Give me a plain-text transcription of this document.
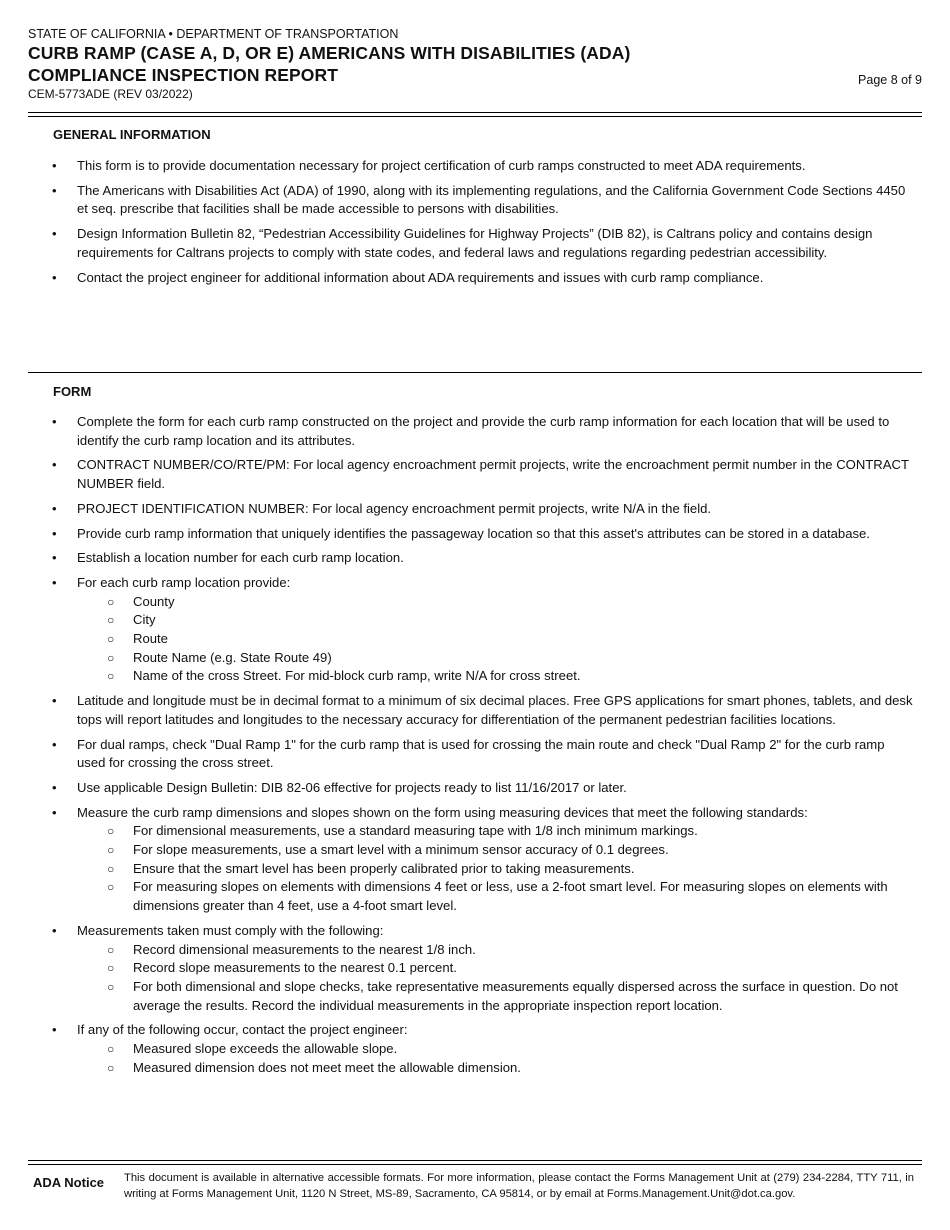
STATE OF CALIFORNIA • DEPARTMENT OF TRANSPORTATION
CURB RAMP (CASE A, D, OR E) AMERICANS WITH DISABILITIES (ADA)
COMPLIANCE INSPECTION REPORT
CEM-5773ADE (REV 03/2022)
Page 8 of 9
GENERAL INFORMATION
• This form is to provide documentation necessary for project certification of curb ramps constructed to meet ADA requirements.
• The Americans with Disabilities Act (ADA) of 1990, along with its implementing regulations, and the California Government Code Sections 4450 et seq. prescribe that facilities shall be made accessible to persons with disabilities.
• Design Information Bulletin 82, “Pedestrian Accessibility Guidelines for Highway Projects” (DIB 82), is Caltrans policy and contains design requirements for Caltrans projects to comply with state codes, and federal laws and regulations regarding pedestrian accessibility.
• Contact the project engineer for additional information about ADA requirements and issues with curb ramp compliance.
FORM
• Complete the form for each curb ramp constructed on the project and provide the curb ramp information for each location that will be used to identify the curb ramp location and its attributes.
• CONTRACT NUMBER/CO/RTE/PM: For local agency encroachment permit projects, write the encroachment permit number in the CONTRACT NUMBER field.
• PROJECT IDENTIFICATION NUMBER: For local agency encroachment permit projects, write N/A in the field.
• Provide curb ramp information that uniquely identifies the passageway location so that this asset's attributes can be stored in a database.
• Establish a location number for each curb ramp location.
• For each curb ramp location provide:
○ County
○ City
○ Route
○ Route Name (e.g. State Route 49)
○ Name of the cross Street. For mid-block curb ramp, write N/A for cross street.
• Latitude and longitude must be in decimal format to a minimum of six decimal places. Free GPS applications for smart phones, tablets, and desk tops will report latitudes and longitudes to the necessary accuracy for differentiation of the permanent pedestrian facilities locations.
• For dual ramps, check "Dual Ramp 1" for the curb ramp that is used for crossing the main route and check "Dual Ramp 2" for the curb ramp used for crossing the cross street.
• Use applicable Design Bulletin: DIB 82-06 effective for projects ready to list 11/16/2017 or later.
• Measure the curb ramp dimensions and slopes shown on the form using measuring devices that meet the following standards:
○ For dimensional measurements, use a standard measuring tape with 1/8 inch minimum markings.
○ For slope measurements, use a smart level with a minimum sensor accuracy of 0.1 degrees.
○ Ensure that the smart level has been properly calibrated prior to taking measurements.
○ For measuring slopes on elements with dimensions 4 feet or less, use a 2-foot smart level. For measuring slopes on elements with dimensions greater than 4 feet, use a 4-foot smart level.
• Measurements taken must comply with the following:
○ Record dimensional measurements to the nearest 1/8 inch.
○ Record slope measurements to the nearest 0.1 percent.
○ For both dimensional and slope checks, take representative measurements equally dispersed across the surface in question. Do not average the results. Record the individual measurements in the appropriate inspection report location.
• If any of the following occur, contact the project engineer:
○ Measured slope exceeds the allowable slope.
○ Measured dimension does not meet meet the allowable dimension.
ADA Notice This document is available in alternative accessible formats. For more information, please contact the Forms Management Unit at (279) 234-2284, TTY 711, in writing at Forms Management Unit, 1120 N Street, MS-89, Sacramento, CA 95814, or by email at Forms.Management.Unit@dot.ca.gov.
